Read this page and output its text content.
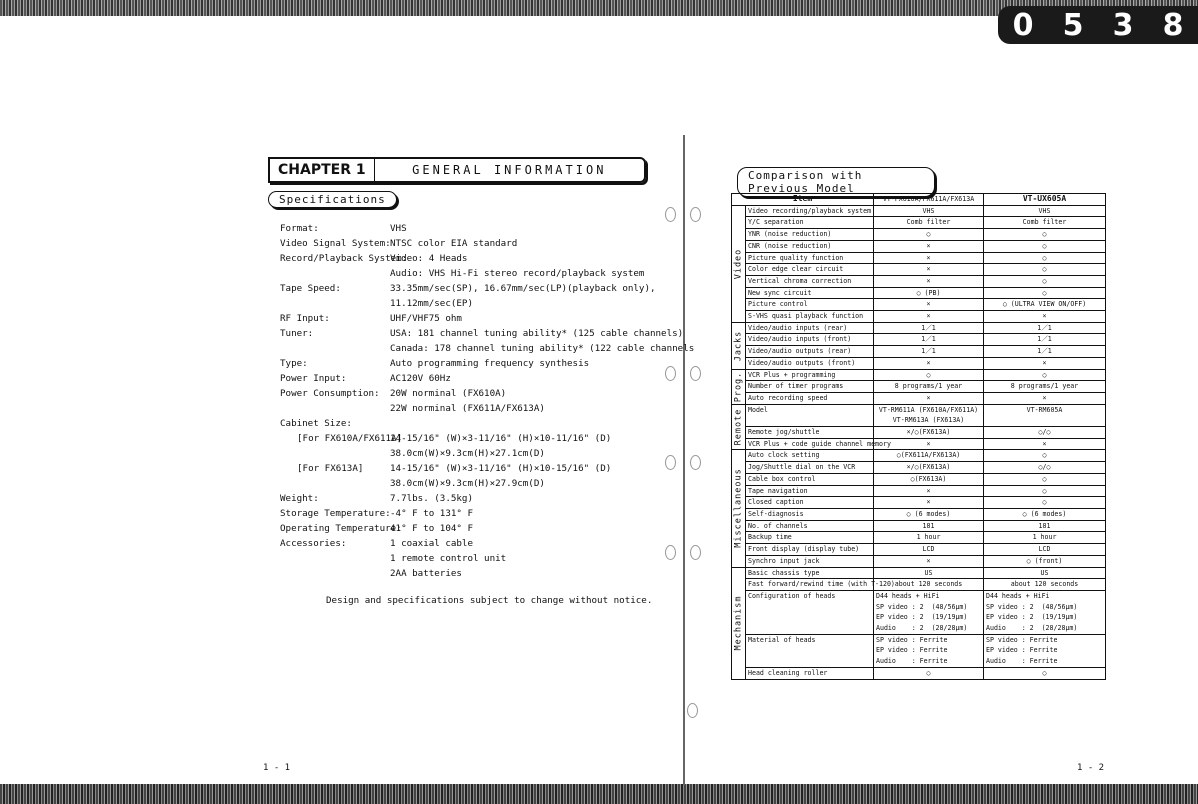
0 5 3 8
CHAPTER 1	GENERAL INFORMATION
Specifications
Format:	VHS
Video Signal System: NTSC color EIA standard
Record/Playback System:
Video: 4 Heads
Audio: VHS Hi-Fi stereo record/playback system
Tape Speed:	33.35mm/sec(SP), 16.67mm/sec(LP)(playback only),
11.12mm/sec(EP)
RF Input:	UHF/VHF75 ohm
Tuner:	USA: 181 channel tuning ability* (125 cable channels)
Canada: 178 channel tuning ability* (122 cable channels
Type:	Auto programming frequency synthesis
Power Input:	AC120V 60Hz
Power Consumption:	20W norminal (FX610A)
22W norminal (FX611A/FX613A)
Cabinet Size:
[For FX610A/FX611A]
14-15/16" (W)×3-11/16" (H)×10-11/16" (D)
38.0cm(W)×9.3cm(H)×27.1cm(D)
[For FX613A]	14-15/16" (W)×3-11/16" (H)×10-15/16" (D)
38.0cm(W)×9.3cm(H)×27.9cm(D)
Weight:	7.7lbs. (3.5kg)
Storage Temperature: -4° F to 131° F
Operating Temperature:
41° F to 104° F
Accessories:	1 coaxial cable
1 remote control unit
2AA batteries
Design and specifications subject to change without notice.
1 - 1
Comparison with Previous Model
Item		VT-FX610A/FX611A/FX613A	VT-UX605A

Video	Video recording/playback system	VHS	VHS
	Y/C separation	Comb filter	Comb filter
	YNR (noise reduction)	○	○
	CNR (noise reduction)	×	○
	Picture quality function	×	○
	Color edge clear circuit	×	○
	Vertical chroma correction	×	○
	New sync circuit	○ (PB)	○
	Picture control	×	○ (ULTRA VIEW ON/OFF)
	S-VHS quasi playback function	×	×

Jacks	Video/audio inputs (rear)	1／1	1／1
	Video/audio inputs (front)	1／1	1／1
	Video/audio outputs (rear)	1／1	1／1
	Video/audio outputs (front)	×	×

Prog.	VCR Plus + programming	○	○
	Number of timer programs	8 programs/1 year	8 programs/1 year
	Auto recording speed	×	×

Remote	Model	VT-RM611A (FX610A/FX611A)
VT-RM613A (FX613A)	VT-RM605A
	Remote jog/shuttle	×/○(FX613A)	○/○
	VCR Plus + code guide channel memory	×	×

Miscellaneous	Auto clock setting	○(FX611A/FX613A)	○
	Jog/Shuttle dial on the VCR	×/○(FX613A)	○/○
	Cable box control	○(FX613A)	○
	Tape navigation	×	○
	Closed caption	×	○
	Self-diagnosis	○ (6 modes)	○ (6 modes)
	No. of channels	181	181
	Backup time	1 hour	1 hour
	Front display (display tube)	LCD	LCD
	Synchro input jack	×	○ (front)

Mechanism	Basic chassis type	US	US
	Fast forward/rewind time (with T-120)	about 120 seconds	about 120 seconds
	Configuration of heads	D44 heads + HiFi
SP video : 2  (48/56μm)
EP video : 2  (19/19μm)
Audio    : 2  (28/28μm)	D44 heads + HiFi
SP video : 2  (48/56μm)
EP video : 2  (19/19μm)
Audio    : 2  (28/28μm)
	Material of heads	SP video : Ferrite
EP video : Ferrite
Audio    : Ferrite	SP video : Ferrite
EP video : Ferrite
Audio    : Ferrite
	Head cleaning roller	○	○
1 - 2
